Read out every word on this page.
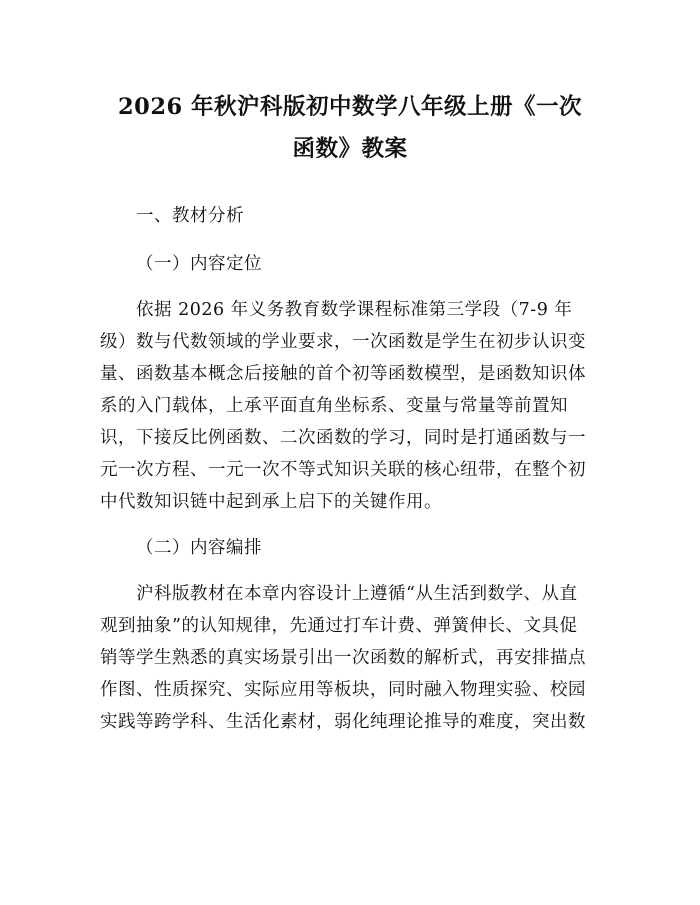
2026 年秋沪科版初中数学八年级上册《一次
函数》教案

一、教材分析

（一）内容定位

依据 2026 年义务教育数学课程标准第三学段（7-9 年
级）数与代数领域的学业要求，一次函数是学生在初步认识变
量、函数基本概念后接触的首个初等函数模型，是函数知识体
系的入门载体，上承平面直角坐标系、变量与常量等前置知
识，下接反比例函数、二次函数的学习，同时是打通函数与一
元一次方程、一元一次不等式知识关联的核心纽带，在整个初
中代数知识链中起到承上启下的关键作用。

（二）内容编排

沪科版教材在本章内容设计上遵循“从生活到数学、从直
观到抽象”的认知规律，先通过打车计费、弹簧伸长、文具促
销等学生熟悉的真实场景引出一次函数的解析式，再安排描点
作图、性质探究、实际应用等板块，同时融入物理实验、校园
实践等跨学科、生活化素材，弱化纯理论推导的难度，突出数
